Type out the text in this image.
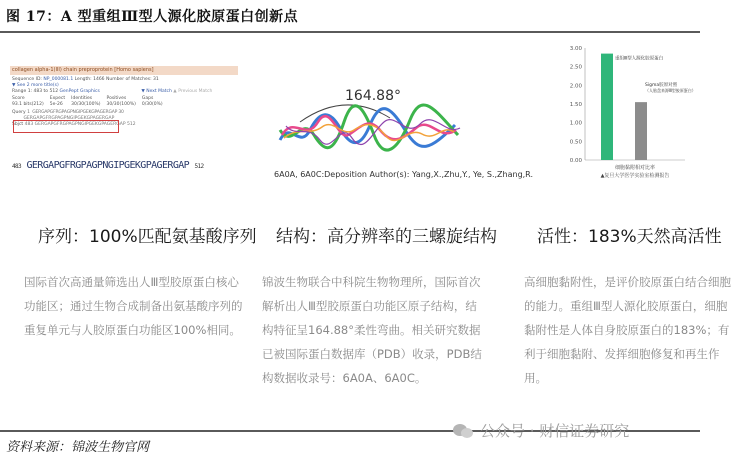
图 17：A 型重组Ⅲ型人源化胶原蛋白创新点
collagen alpha-1(III) chain preproprotein [Homo sapiens]
Sequence ID: NP_000081.1 Length: 1466 Number of Matches: 31
▼ See 2 more title(s)
Range 1: 483 to 512 GenPept Graphics	▼ Next Match ▲ Previous Match
Score	Expect	Identities	Positives	Gaps
93.1 bits(212)	5e-26	30/30(100%)	30/30(100%)	0/30(0%)
Query 1  GERGAPGFRGPAGPNGIPGEKGPAGERGAP 30
GERGAPGFRGPAGPNGIPGEKGPAGERGAP
Sbjct 483 GERGAPGFRGPAGPNGIPGEKGPAGERGAP 512
483 GERGAPGFRGPAGPNGIPGEKGPAGERGAP 512
164.88°
6A0A, 6A0C:Deposition Author(s): Yang,X.,Zhu,Y., Ye, S.,Zhang,R.
0.00
0.50
1.00
1.50
2.00
2.50
3.00
重组Ⅲ型人源化胶原蛋白
Sigma胶原对照
（人胎盘来源Ⅲ型胶原蛋白）
细胞黏附相对比率
▲复旦大学医学实验室检测报告
序列：100%匹配氨基酸序列 结构：高分辨率的三螺旋结构 活性：183%天然高活性
国际首次高通量筛选出人Ⅲ型胶原蛋白核心
功能区；通过生物合成制备出氨基酸序列的
重复单元与人胶原蛋白功能区100%相同。
锦波生物联合中科院生物物理所，国际首次
解析出人Ⅲ型胶原蛋白功能区原子结构，结
构特征呈164.88°柔性弯曲。相关研究数据
已被国际蛋白数据库（PDB）收录，PDB结
构数据收录号：6A0A、6A0C。
高细胞黏附性，是评价胶原蛋白结合细胞
的能力。重组Ⅲ型人源化胶原蛋白，细胞
黏附性是人体自身胶原蛋白的183%；有
利于细胞黏附、发挥细胞修复和再生作
用。
资料来源：锦波生物官网
公众号 · 财信证券研究
